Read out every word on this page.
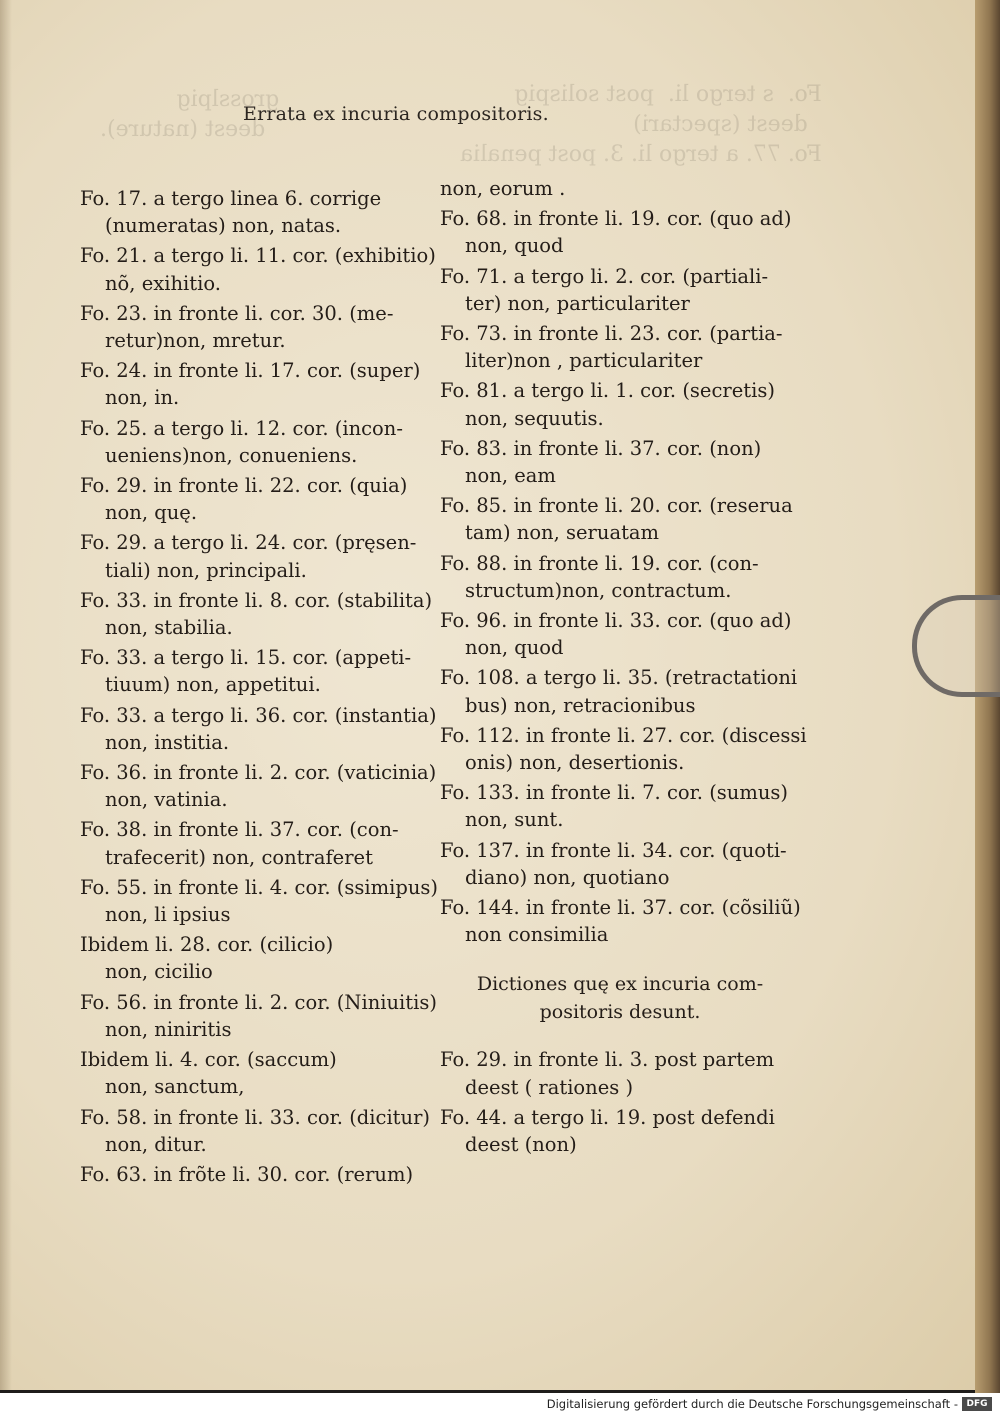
Fo.  s tergo li.  post solispig
deest (spectari)
Fo. 77. a tergo li. 3. post penalia
grosslpig
deest (nature).
Errata ex incuria compositoris.
Fo. 17. a tergo linea 6. corrige
(numeratas) non, natas.
Fo. 21. a tergo li. 11. cor. (exhibitio)
nõ, exihitio.
Fo. 23. in fronte li. cor. 30. (me-
retur)non, mretur.
Fo. 24. in fronte li. 17. cor. (super)
non, in.
Fo. 25. a tergo li. 12. cor. (incon-
ueniens)non, conueniens.
Fo. 29. in fronte li. 22. cor. (quia)
non, quę.
Fo. 29. a tergo li. 24. cor. (pręsen-
tiali) non, principali.
Fo. 33. in fronte li. 8. cor. (stabilita)
non, stabilia.
Fo. 33. a tergo li. 15. cor. (appeti-
tiuum) non, appetitui.
Fo. 33. a tergo li. 36. cor. (instantia)
non, institia.
Fo. 36. in fronte li. 2. cor. (vaticinia)
non, vatinia.
Fo. 38. in fronte li. 37. cor. (con-
trafecerit) non, contraferet
Fo. 55. in fronte li. 4. cor. (ssimipus)
non, li ipsius
Ibidem li. 28. cor. (cilicio)
non, cicilio
Fo. 56. in fronte li. 2. cor. (Niniuitis)
non, niniritis
Ibidem li. 4. cor. (saccum)
non, sanctum,
Fo. 58. in fronte li. 33. cor. (dicitur)
non, ditur.
Fo. 63. in frõte li. 30. cor. (rerum)
non, eorum .
Fo. 68. in fronte li. 19. cor. (quo ad)
non, quod
Fo. 71. a tergo li. 2. cor. (partiali-
ter) non, particulariter
Fo. 73. in fronte li. 23. cor. (partia-
liter)non , particulariter
Fo. 81. a tergo li. 1. cor. (secretis)
non, sequutis.
Fo. 83. in fronte li. 37. cor. (non)
non, eam
Fo. 85. in fronte li. 20. cor. (reserua
tam) non, seruatam
Fo. 88. in fronte li. 19. cor. (con-
structum)non, contractum.
Fo. 96. in fronte li. 33. cor. (quo ad)
non, quod
Fo. 108. a tergo li. 35. (retractationi
bus) non, retracionibus
Fo. 112. in fronte li. 27. cor. (discessi
onis) non, desertionis.
Fo. 133. in fronte li. 7. cor. (sumus)
non, sunt.
Fo. 137. in fronte li. 34. cor. (quoti-
diano) non, quotiano
Fo. 144. in fronte li. 37. cor. (cõsiliũ)
non consimilia
Dictiones quę ex incuria com-
positoris desunt.
Fo. 29. in fronte li. 3. post partem
deest ( rationes )
Fo. 44. a tergo li. 19. post defendi
deest (non)
Digitalisierung gefördert durch die Deutsche Forschungsgemeinschaft - DFG
